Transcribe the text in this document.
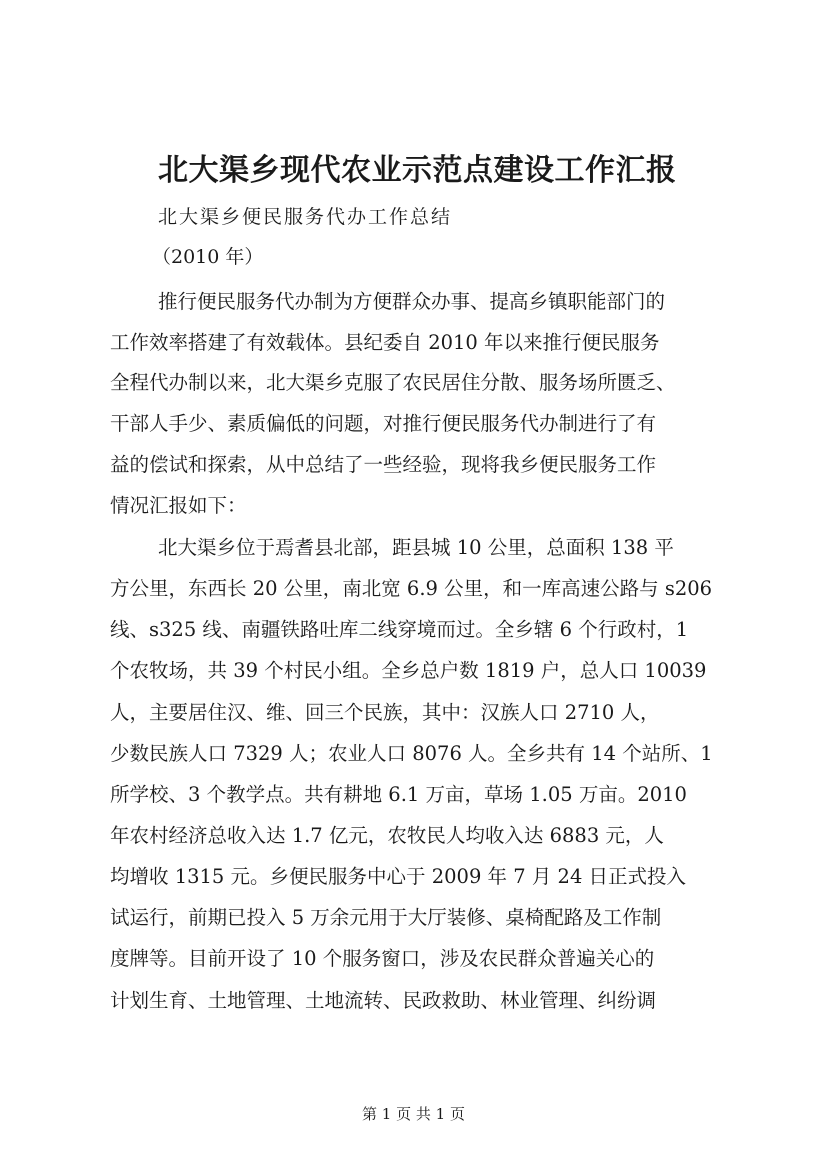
北大渠乡现代农业示范点建设工作汇报

北大渠乡便民服务代办工作总结

（2010 年）

推行便民服务代办制为方便群众办事、提高乡镇职能部门的

工作效率搭建了有效载体。县纪委自 2010 年以来推行便民服务

全程代办制以来，北大渠乡克服了农民居住分散、服务场所匮乏、

干部人手少、素质偏低的问题，对推行便民服务代办制进行了有

益的偿试和探索，从中总结了一些经验，现将我乡便民服务工作

情况汇报如下：

北大渠乡位于焉耆县北部，距县城 10 公里，总面积 138 平

方公里，东西长 20 公里，南北宽 6.9 公里，和一库高速公路与 s206

线、s325 线、南疆铁路吐库二线穿境而过。全乡辖 6 个行政村，1

个农牧场，共 39 个村民小组。全乡总户数 1819 户，总人口 10039

人，主要居住汉、维、回三个民族，其中：汉族人口 2710 人，

少数民族人口 7329 人；农业人口 8076 人。全乡共有 14 个站所、1

所学校、3 个教学点。共有耕地 6.1 万亩，草场 1.05 万亩。2010

年农村经济总收入达 1.7 亿元，农牧民人均收入达 6883 元，人

均增收 1315 元。乡便民服务中心于 2009 年 7 月 24 日正式投入

试运行，前期已投入 5 万余元用于大厅装修、桌椅配路及工作制

度牌等。目前开设了 10 个服务窗口，涉及农民群众普遍关心的

计划生育、土地管理、土地流转、民政救助、林业管理、纠纷调

第 1 页 共 1 页
